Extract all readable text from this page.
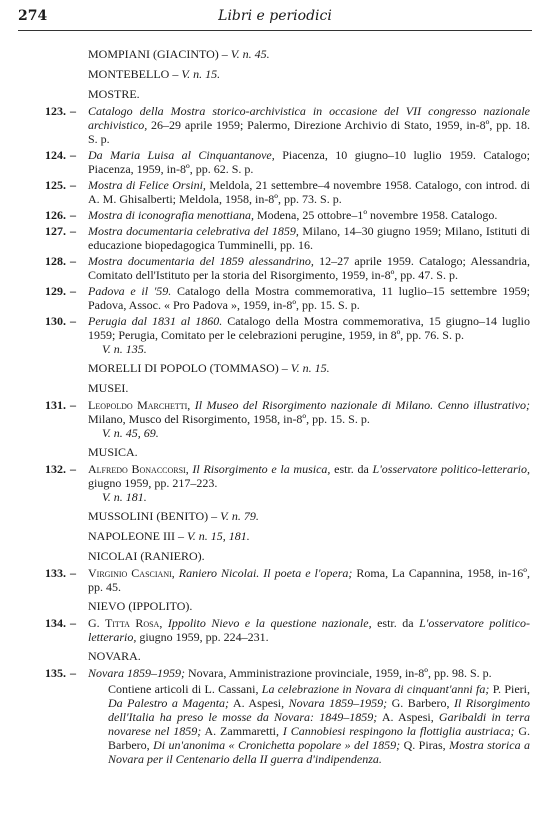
274	Libri e periodici
MOMPIANI (GIACINTO) – V. n. 45.
MONTEBELLO – V. n. 15.
MOSTRE.
123. – Catalogo della Mostra storico-archivistica in occasione del VII congresso nazionale archivistico, 26–29 aprile 1959; Palermo, Direzione Archivio di Stato, 1959, in-8º, pp. 18. S. p.
124. – Da Maria Luisa al Cinquantanove, Piacenza, 10 giugno–10 luglio 1959. Catalogo; Piacenza, 1959, in-8º, pp. 62. S. p.
125. – Mostra di Felice Orsini, Meldola, 21 settembre–4 novembre 1958. Catalogo, con introd. di A. M. Ghisalberti; Meldola, 1958, in-8º, pp. 73. S. p.
126. – Mostra di iconografia menottiana, Modena, 25 ottobre–1º novembre 1958. Catalogo.
127. – Mostra documentaria celebrativa del 1859, Milano, 14–30 giugno 1959; Milano, Istituti di educazione biopedagogica Tumminelli, pp. 16.
128. – Mostra documentaria del 1859 alessandrino, 12–27 aprile 1959. Catalogo; Alessandria, Comitato dell'Istituto per la storia del Risorgimento, 1959, in-8º, pp. 47. S. p.
129. – Padova e il '59. Catalogo della Mostra commemorativa, 11 luglio–15 settembre 1959; Padova, Assoc. « Pro Padova », 1959, in-8º, pp. 15. S. p.
130. – Perugia dal 1831 al 1860. Catalogo della Mostra commemorativa, 15 giugno–14 luglio 1959; Perugia, Comitato per le celebrazioni perugine, 1959, in 8º, pp. 76. S. p.
V. n. 135.
MORELLI DI POPOLO (TOMMASO) – V. n. 15.
MUSEI.
131. – Leopoldo Marchetti, Il Museo del Risorgimento nazionale di Milano. Cenno illustrativo; Milano, Musco del Risorgimento, 1958, in-8º, pp. 15. S. p.
V. n. 45, 69.
MUSICA.
132. – Alfredo Bonaccorsi, Il Risorgimento e la musica, estr. da L'osservatore politico-letterario, giugno 1959, pp. 217–223.
V. n. 181.
MUSSOLINI (BENITO) – V. n. 79.
NAPOLEONE III – V. n. 15, 181.
NICOLAI (RANIERO).
133. – Virginio Casciani, Raniero Nicolai. Il poeta e l'opera; Roma, La Capannina, 1958, in-16º, pp. 45.
NIEVO (IPPOLITO).
134. – G. Titta Rosa, Ippolito Nievo e la questione nazionale, estr. da L'osservatore politico-letterario, giugno 1959, pp. 224–231.
NOVARA.
135. – Novara 1859–1959; Novara, Amministrazione provinciale, 1959, in-8º, pp. 98. S. p.
Contiene articoli di L. Cassani, La celebrazione in Novara di cinquant'anni fa; P. Pieri, Da Palestro a Magenta; A. Aspesi, Novara 1859–1959; G. Barbero, Il Risorgimento dell'Italia ha preso le mosse da Novara: 1849–1859; A. Aspesi, Garibaldi in terra novarese nel 1859; A. Zammaretti, I Cannobiesi respingono la flottiglia austriaca; G. Barbero, Di un'anonima « Cronichetta popolare » del 1859; Q. Piras, Mostra storica a Novara per il Centenario della II guerra d'indipendenza.
